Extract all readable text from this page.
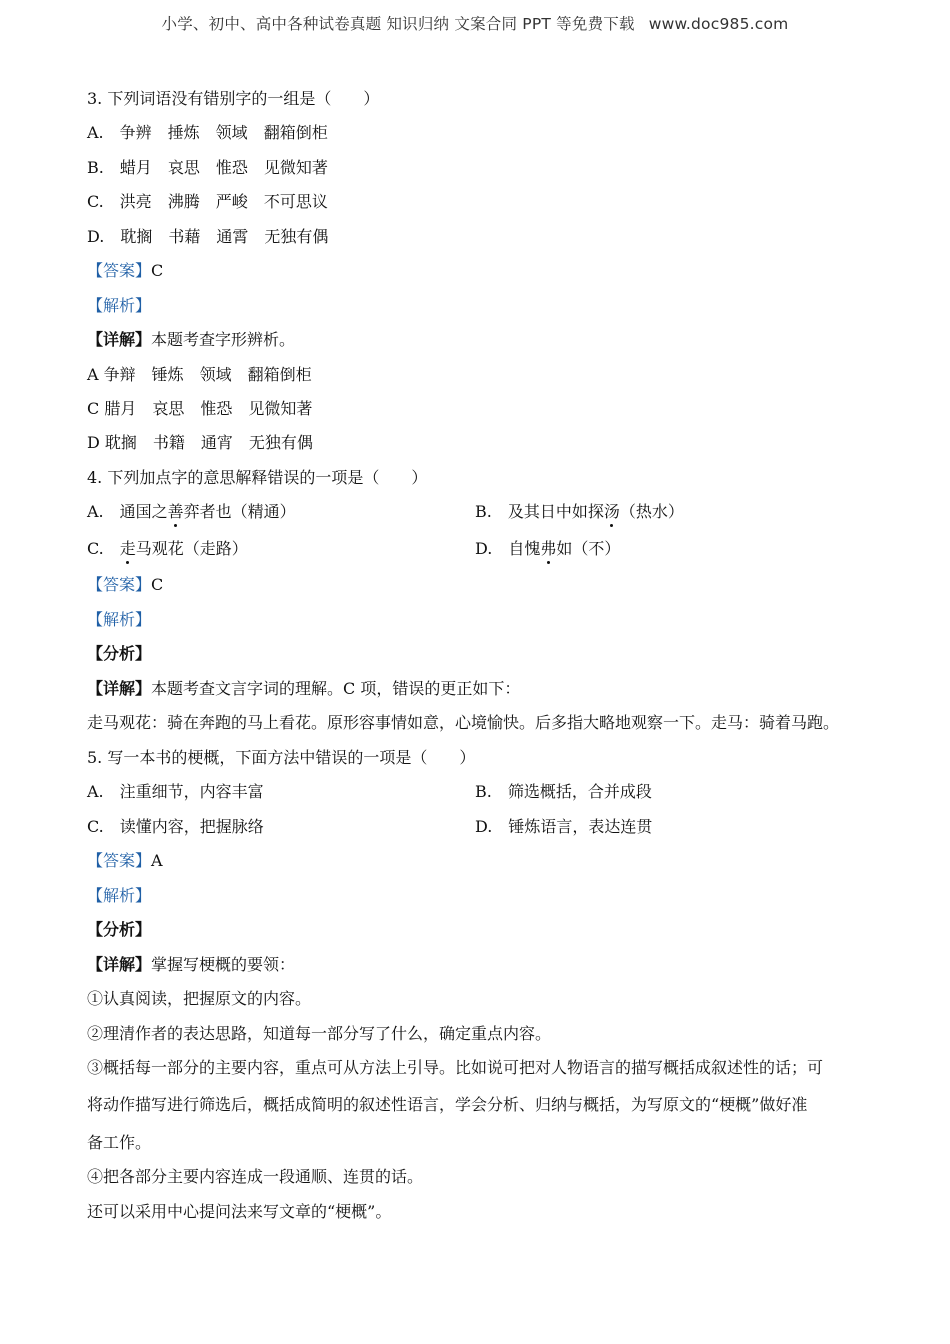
小学、初中、高中各种试卷真题 知识归纳 文案合同 PPT 等免费下载 www.doc985.com
3. 下列词语没有错别字的一组是（　　）
A. 争辨 捶炼 领域 翻箱倒柜
B. 蜡月 哀思 惟恐 见微知著
C. 洪亮 沸腾 严峻 不可思议
D. 耽搁 书藉 通霄 无独有偶
【答案】C
【解析】
【详解】本题考查字形辨析。
A 争辩　锤炼　领域　翻箱倒柜
C 腊月　哀思　惟恐　见微知著
D 耽搁　书籍　通宵　无独有偶
4. 下列加点字的意思解释错误的一项是（　　）
A. 通国之善弈者也（精通）	B. 及其日中如探汤（热水）
C. 走马观花（走路）	D. 自愧弗如（不）
【答案】C
【解析】
【分析】
【详解】本题考查文言字词的理解。C 项，错误的更正如下：
走马观花：骑在奔跑的马上看花。原形容事情如意，心境愉快。后多指大略地观察一下。走马：骑着马跑。
5. 写一本书的梗概，下面方法中错误的一项是（　　）
A. 注重细节，内容丰富	B. 筛选概括，合并成段
C. 读懂内容，把握脉络	D. 锤炼语言，表达连贯
【答案】A
【解析】
【分析】
【详解】掌握写梗概的要领：
①认真阅读，把握原文的内容。
②理清作者的表达思路，知道每一部分写了什么，确定重点内容。
③概括每一部分的主要内容，重点可从方法上引导。比如说可把对人物语言的描写概括成叙述性的话；可
将动作描写进行筛选后，概括成简明的叙述性语言，学会分析、归纳与概括，为写原文的“梗概”做好准
备工作。
④把各部分主要内容连成一段通顺、连贯的话。
还可以采用中心提问法来写文章的“梗概”。
